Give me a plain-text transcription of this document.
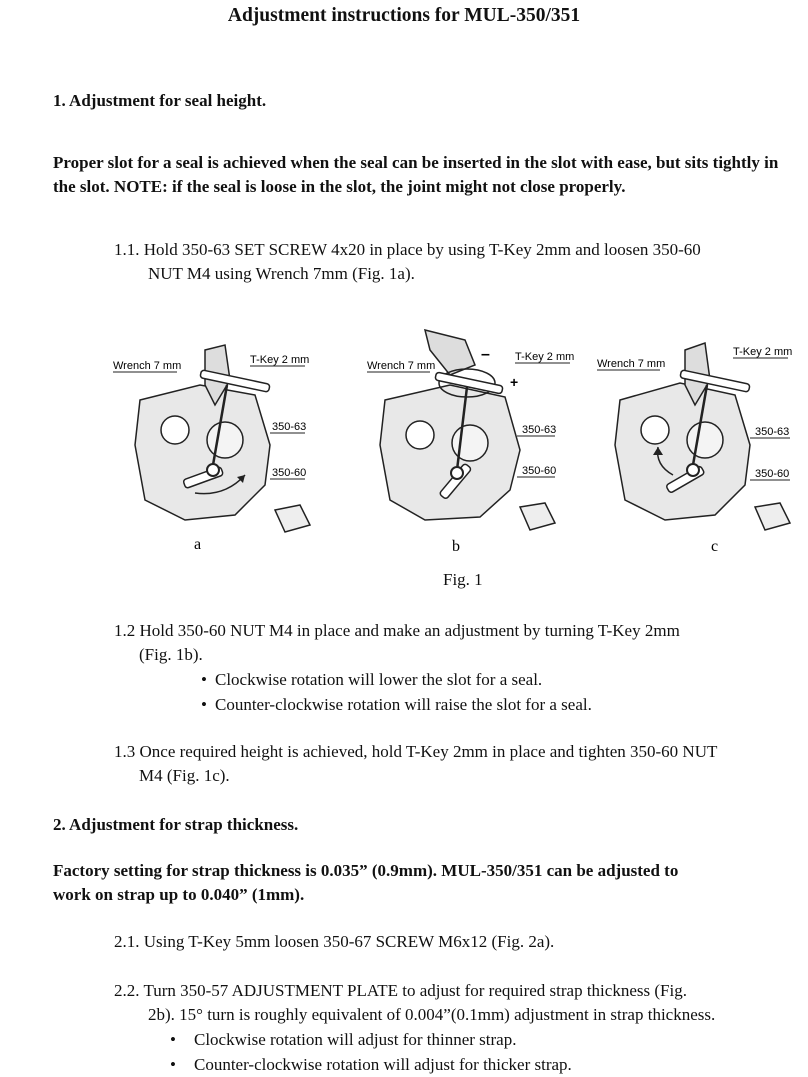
Adjustment instructions for MUL-350/351
1. Adjustment for seal height.
Proper slot for a seal is achieved when the seal can be inserted in the slot with ease, but sits tightly in the slot. NOTE: if the seal is loose in the slot, the joint might not close properly.
1.1. Hold 350-63 SET SCREW 4x20 in place by using T-Key 2mm and loosen 350-60
NUT M4 using Wrench 7mm (Fig. 1a).
Wrench 7 mm	T-Key 2 mm
350-63
350-60
a
–
+
Wrench 7 mm
T-Key 2 mm
350-63
350-60
b
Wrench 7 mm
T-Key 2 mm
350-63
350-60
c
Fig. 1
1.2 Hold 350-60 NUT M4 in place and make an adjustment by turning T-Key 2mm
(Fig. 1b).
• Clockwise rotation will lower the slot for a seal.
• Counter-clockwise rotation will raise the slot for a seal.
1.3 Once required height is achieved, hold T-Key 2mm in place and tighten 350-60 NUT
M4 (Fig. 1c).
2. Adjustment for strap thickness.
Factory setting for strap thickness is 0.035” (0.9mm). MUL-350/351 can be adjusted to
work on strap up to 0.040” (1mm).
2.1. Using T-Key 5mm loosen 350-67 SCREW M6x12 (Fig. 2a).
2.2. Turn 350-57 ADJUSTMENT PLATE to adjust for required strap thickness (Fig.
2b). 15° turn is roughly equivalent of 0.004”(0.1mm) adjustment in strap thickness.
• Clockwise rotation will adjust for thinner strap.
• Counter-clockwise rotation will adjust for thicker strap.
